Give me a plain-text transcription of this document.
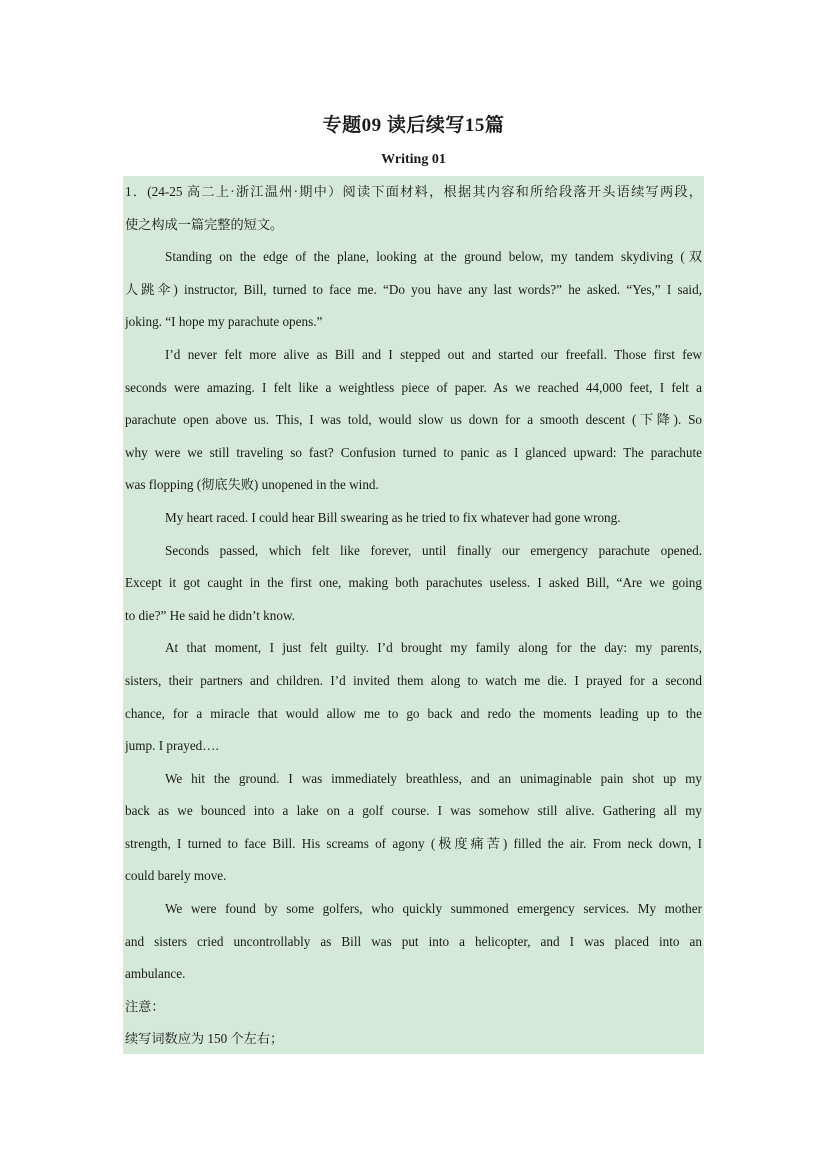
专题09 读后续写15篇
Writing 01
1．(24-25 高二上·浙江温州·期中）阅读下面材料，根据其内容和所给段落开头语续写两段，
使之构成一篇完整的短文。
Standing on the edge of the plane, looking at the ground below, my tandem skydiving (双
人跳伞) instructor, Bill, turned to face me. “Do you have any last words?” he asked. “Yes,” I said,
joking. “I hope my parachute opens.”
I’d never felt more alive as Bill and I stepped out and started our freefall. Those first few
seconds were amazing. I felt like a weightless piece of paper. As we reached 44,000 feet, I felt a
parachute open above us. This, I was told, would slow us down for a smooth descent (下降). So
why were we still traveling so fast? Confusion turned to panic as I glanced upward: The parachute
was flopping (彻底失败) unopened in the wind.
My heart raced. I could hear Bill swearing as he tried to fix whatever had gone wrong.
Seconds passed, which felt like forever, until finally our emergency parachute opened.
Except it got caught in the first one, making both parachutes useless. I asked Bill, “Are we going
to die?” He said he didn’t know.
At that moment, I just felt guilty. I’d brought my family along for the day: my parents,
sisters, their partners and children. I’d invited them along to watch me die. I prayed for a second
chance, for a miracle that would allow me to go back and redo the moments leading up to the
jump. I prayed….
We hit the ground. I was immediately breathless, and an unimaginable pain shot up my
back as we bounced into a lake on a golf course. I was somehow still alive. Gathering all my
strength, I turned to face Bill. His screams of agony (极度痛苦) filled the air. From neck down, I
could barely move.
We were found by some golfers, who quickly summoned emergency services. My mother
and sisters cried uncontrollably as Bill was put into a helicopter, and I was placed into an
ambulance.
注意：
续写词数应为 150 个左右；
